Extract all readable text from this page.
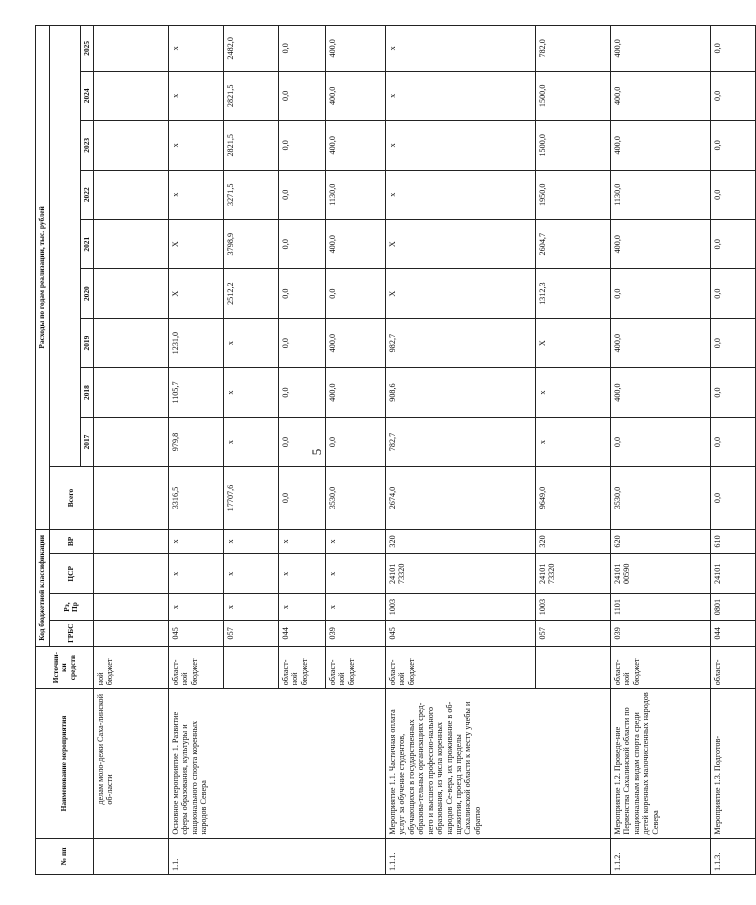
5
№ пп	Наименование мероприятия	Источни-ки средств	Код бюджетной классификации				Расходы по годам реализации, тыс. рублей									
			ГРБС	Рз, Пр	ЦСР	ВР	Всего									
								2017	2018	2019	2020	2021	2022	2023	2024	2025

	делам моло-дежи Саха-линской об-ласти	ной бюджет														
1.1.	Основное мероприятие 1. Развитие сферы образования, культуры и национального спорта коренных народов Севера	област-ной бюджет	045	x	x	x	3316,5	979,8	1105,7	1231,0	X	X	x	x	x	x
			057	x	x	x	17707,6	x	x	x	2512,2	3798,9	3271,5	2821,5	2821,5	2482,0
		област-ной бюджет	044	x	x	x	0,0	0,0	0,0	0,0	0,0	0,0	0,0	0,0	0,0	0,0
		област-ной бюджет	039	x	x	x	3530,0	0,0	400,0	400,0	0,0	400,0	1130,0	400,0	400,0	400,0
1.1.1.	Мероприятие 1.1. Частичная оплата услуг за обучение студентов, обучающихся в государственных образова-тельных организациях сред-него и высшего профессио-нального образования, из числа коренных народов Се-вера, их проживание в об-щежитии, проезд за пределы Сахалинской области к месту учебы и обратно	област-ной бюджет	045	1003	24101 73320	320	2674,0	782,7	908,6	982,7	X	X	x	x	x	x
			057	1003	24101 73320	320	9649,0	x	x	X	1312,3	2604,7	1950,0	1500,0	1500,0	782,0
1.1.2.	Мероприятие 1.2. Проведе-ние Первенства Сахалинской области по национальным видам спорта среди детей коренных малочисленных народов Севера	област-ной бюджет	039	1101	24101 00590	620	3530,0	0,0	400,0	400,0	0,0	400,0	1130,0	400,0	400,0	400,0
1.1.3.	Мероприятие 1.3. Подготов-	област-	044	0801	24101	610	0,0	0,0	0,0	0,0	0,0	0,0	0,0	0,0	0,0	0,0
